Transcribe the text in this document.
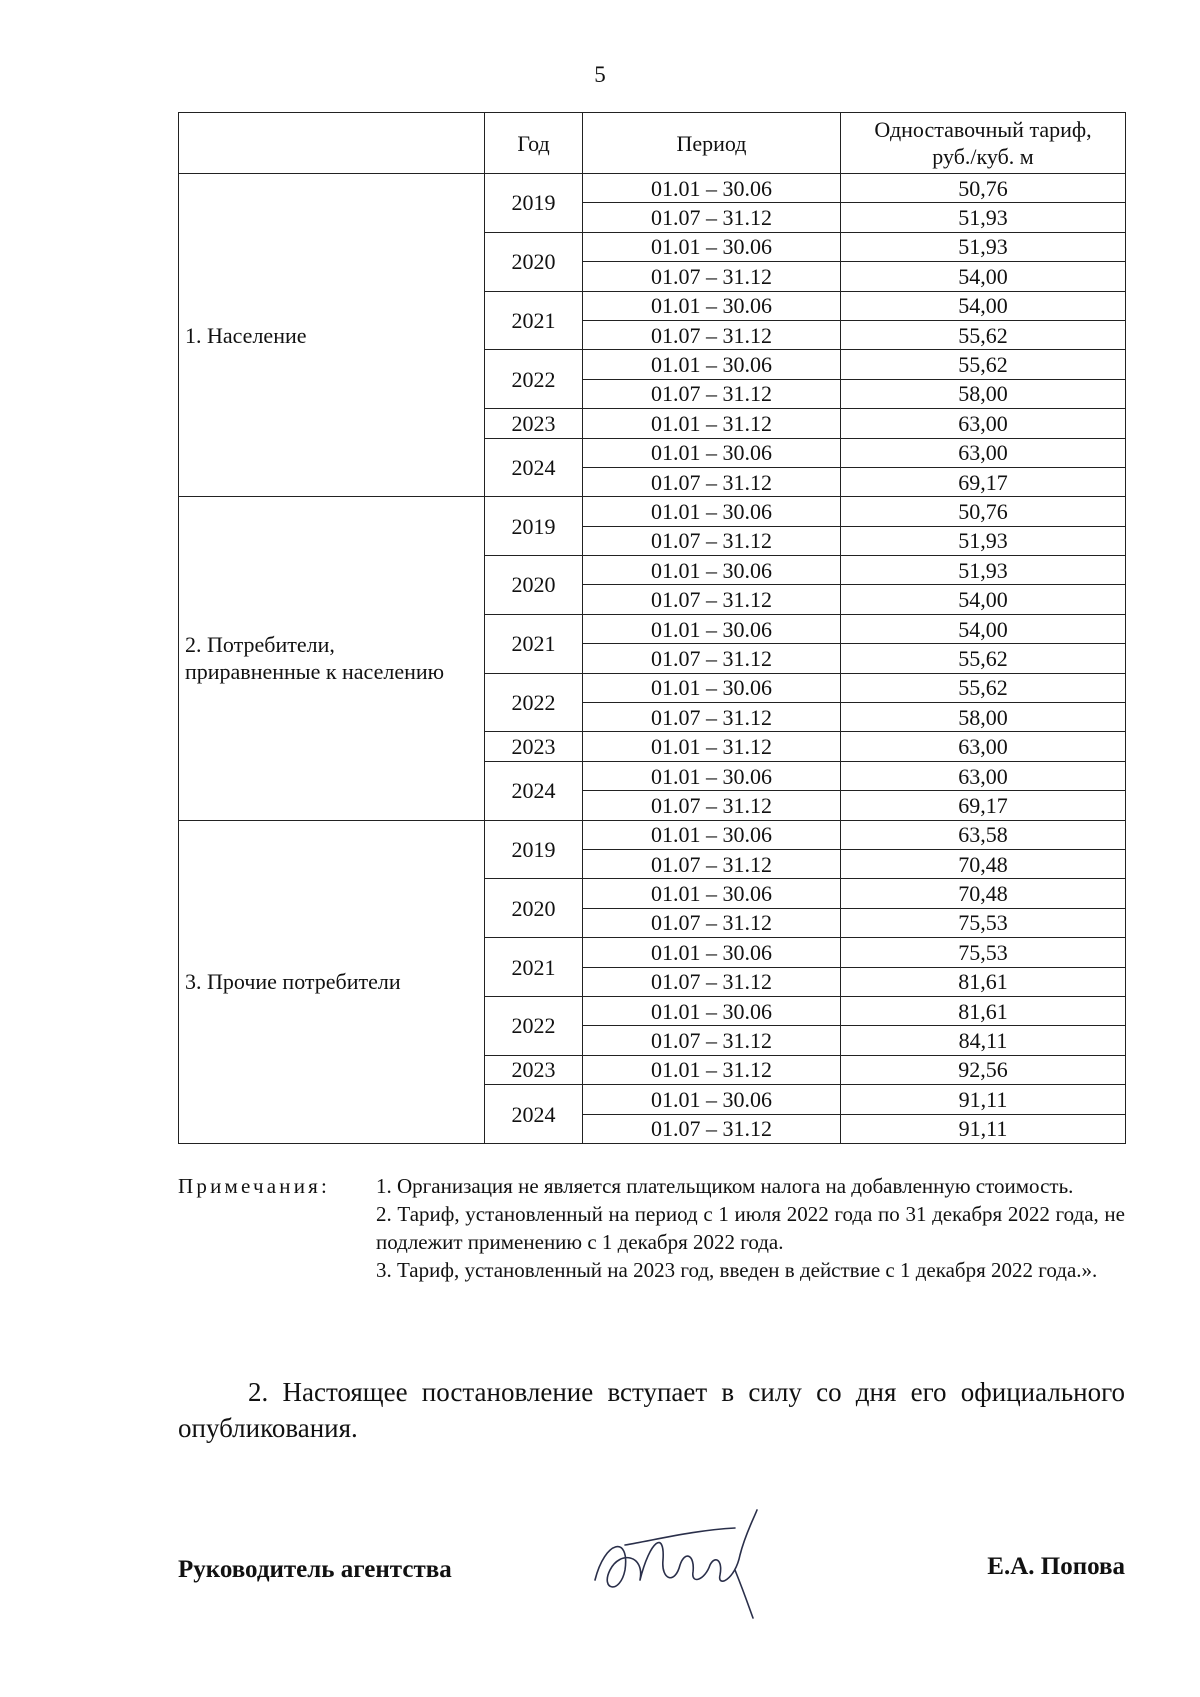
5
	Год	Период	Одноставочный тариф,
руб./куб. м
1. Население	2019	01.01 – 30.06	50,76
		01.07 – 31.12	51,93
	2020	01.01 – 30.06	51,93
		01.07 – 31.12	54,00
	2021	01.01 – 30.06	54,00
		01.07 – 31.12	55,62
	2022	01.01 – 30.06	55,62
		01.07 – 31.12	58,00
	2023	01.01 – 31.12	63,00
	2024	01.01 – 30.06	63,00
		01.07 – 31.12	69,17
2. Потребители,
приравненные к населению	2019	01.01 – 30.06	50,76
		01.07 – 31.12	51,93
	2020	01.01 – 30.06	51,93
		01.07 – 31.12	54,00
	2021	01.01 – 30.06	54,00
		01.07 – 31.12	55,62
	2022	01.01 – 30.06	55,62
		01.07 – 31.12	58,00
	2023	01.01 – 31.12	63,00
	2024	01.01 – 30.06	63,00
		01.07 – 31.12	69,17
3. Прочие потребители	2019	01.01 – 30.06	63,58
		01.07 – 31.12	70,48
	2020	01.01 – 30.06	70,48
		01.07 – 31.12	75,53
	2021	01.01 – 30.06	75,53
		01.07 – 31.12	81,61
	2022	01.01 – 30.06	81,61
		01.07 – 31.12	84,11
	2023	01.01 – 31.12	92,56
	2024	01.01 – 30.06	91,11
		01.07 – 31.12	91,11
Примечания: 1. Организация не является плательщиком налога на добавленную стоимость.

2. Тариф, установленный на период с 1 июля 2022 года по 31 декабря 2022 года, не подлежит применению с 1 декабря 2022 года.

3. Тариф, установленный на 2023 год, введен в действие с 1 декабря 2022 года.».

2. Настоящее постановление вступает в силу со дня его официального опубликования.

Руководитель агентства	Е.А. Попова
